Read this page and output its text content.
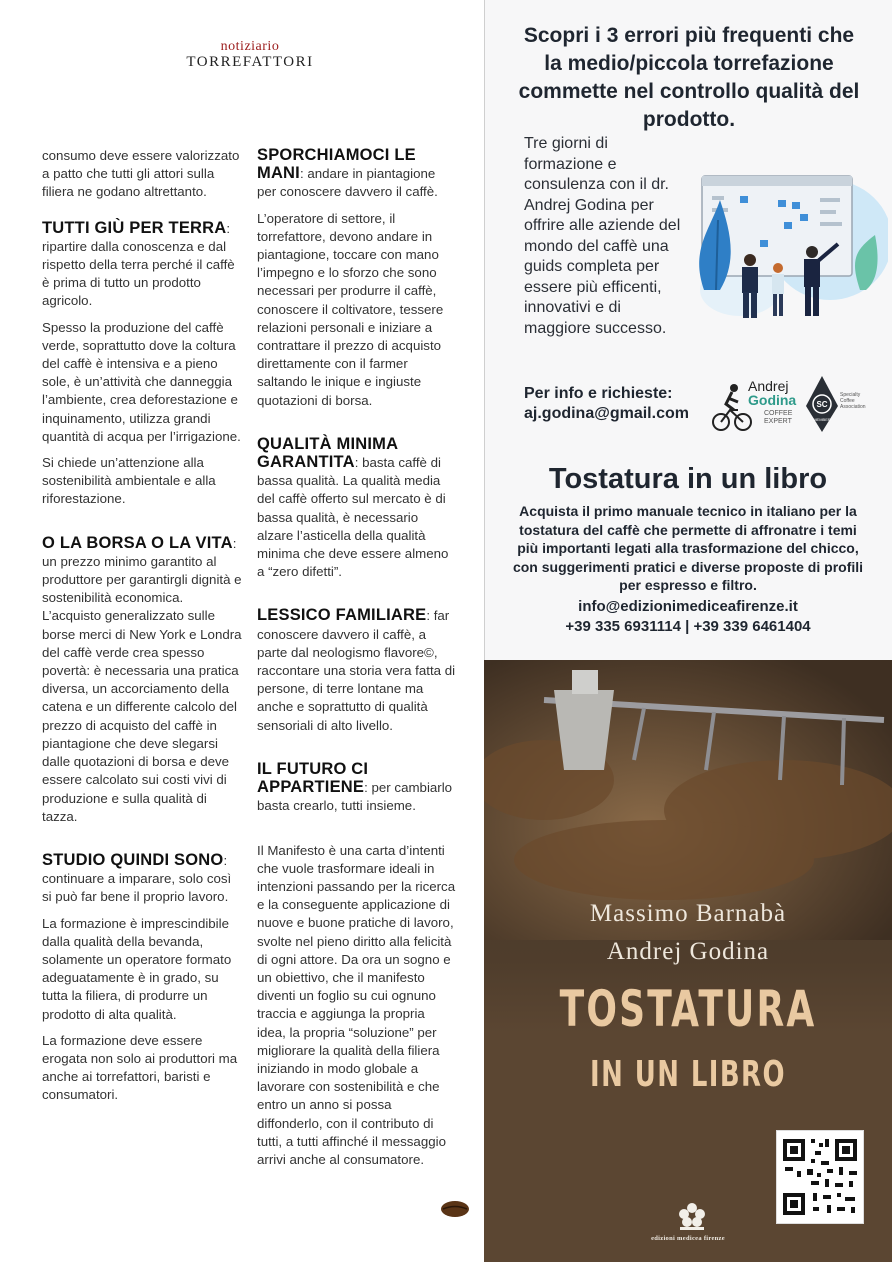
notiziario
TORREFATTORI

consumo deve essere valorizzato a patto che tutti gli attori sulla filiera ne godano altrettanto.

TUTTI GIÙ PER TERRA: ripartire dalla conoscenza e dal rispetto della terra perché il caffè è prima di tutto un prodotto agricolo.

Spesso la produzione del caffè verde, soprattutto dove la coltura del caffè è intensiva e a pieno sole, è un’attività che danneggia l’ambiente, crea deforestazione e inquinamento, utilizza grandi quantità di acqua per l’irrigazione.

Si chiede un’attenzione alla sostenibilità ambientale e alla riforestazione.

O LA BORSA O LA VITA: un prezzo minimo garantito al produttore per garantirgli dignità e sostenibilità economica. L’acquisto generalizzato sulle borse merci di New York e Londra del caffè verde crea spesso povertà: è necessaria una pratica diversa, un accorciamento della catena e un differente calcolo del prezzo di acquisto del caffè in piantagione che deve slegarsi dalle quotazioni di borsa e deve essere calcolato sui costi vivi di produzione e sulla qualità di tazza.

STUDIO QUINDI SONO: continuare a imparare, solo così si può far bene il proprio lavoro.

La formazione è imprescindibile dalla qualità della bevanda, solamente un operatore formato adeguatamente è in grado, su tutta la filiera, di produrre un prodotto di alta qualità.

La formazione deve essere erogata non solo ai produttori ma anche ai torrefattori, baristi e consumatori.

SPORCHIAMOCI LE MANI: andare in piantagione per conoscere davvero il caffè.

L’operatore di settore, il torrefattore, devono andare in piantagione, toccare con mano l’impegno e lo sforzo che sono necessari per produrre il caffè, conoscere il coltivatore, tessere relazioni personali e iniziare a contrattare il prezzo di acquisto direttamente con il farmer saltando le inique e ingiuste quotazioni di borsa.

QUALITÀ MINIMA GARANTITA: basta caffè di bassa qualità. La qualità media del caffè offerto sul mercato è di bassa qualità, è necessario alzare l’asticella della qualità minima che deve essere almeno a “zero difetti”.

LESSICO FAMILIARE: far conoscere davvero il caffè, a parte dal neologismo flavore©, raccontare una storia vera fatta di persone, di terre lontane ma anche e soprattutto di qualità sensoriali di alto livello.

IL FUTURO CI APPARTIENE: per cambiarlo basta crearlo, tutti insieme.

Il Manifesto è una carta d’intenti che vuole trasformare ideali in intenzioni passando per la ricerca e la conseguente applicazione di nuove e buone pratiche di lavoro, svolte nel pieno diritto alla felicità di ogni attore. Da ora un sogno e un obiettivo, che il manifesto diventi un foglio su cui ognuno traccia e aggiunga la propria idea, la propria “soluzione” per migliorare la qualità della filiera iniziando in modo globale a lavorare con sostenibilità e che entro un anno si possa diffonderlo, con il contributo di tutti, a tutti affinché il messaggio arrivi anche al consumatore.

Scopri i 3 errori più frequenti che la medio/piccola torrefazione commette nel controllo qualità del prodotto.
Tre giorni di formazione e consulenza con il dr. Andrej Godina per offrire alle aziende del mondo del caffè una guids completa per essere più efficenti, innovativi e di maggiore successo.
Per info e richieste:
aj.godina@gmail.com
Andrej
Godina
COFFEE EXPERT
SC
MEMBER
Specialty Coffee Association
Tostatura in un libro
Acquista il primo manuale tecnico in italiano per la tostatura del caffè che permette di affronatre i temi più importanti legati alla trasformazione del chicco, con suggerimenti pratici e diverse proposte di profili per espresso e filtro.
info@edizionimediceafirenze.it
+39 335 6931114 | +39 339 6461404
Massimo Barnabà
Andrej Godina
TOSTATURA
IN UN LIBRO
edizioni medicea firenze
